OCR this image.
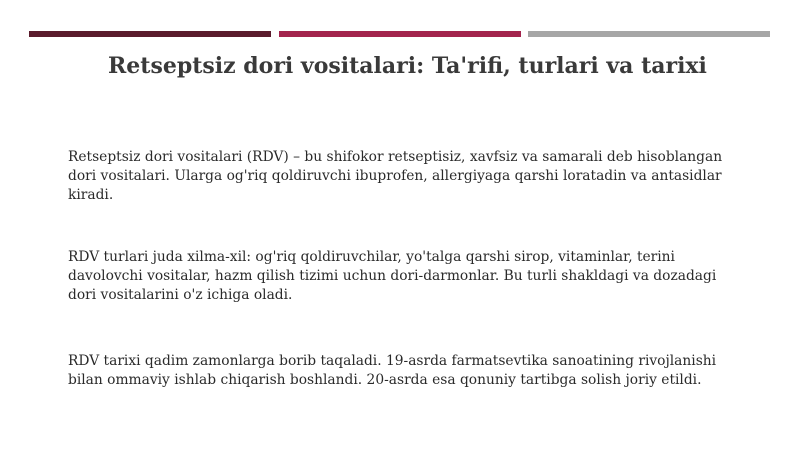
Retseptsiz dori vositalari: Ta'rifi, turlari va tarixi

Retseptsiz dori vositalari (RDV) – bu shifokor retseptisiz, xavfsiz va samarali deb hisoblangan dori vositalari. Ularga og'riq qoldiruvchi ibuprofen, allergiyaga qarshi loratadin va antasidlar kiradi.

RDV turlari juda xilma-xil: og'riq qoldiruvchilar, yo'talga qarshi sirop, vitaminlar, terini davolovchi vositalar, hazm qilish tizimi uchun dori-darmonlar. Bu turli shakldagi va dozadagi dori vositalarini o'z ichiga oladi.

RDV tarixi qadim zamonlarga borib taqaladi. 19-asrda farmatsevtika sanoatining rivojlanishi bilan ommaviy ishlab chiqarish boshlandi. 20-asrda esa qonuniy tartibga solish joriy etildi.
